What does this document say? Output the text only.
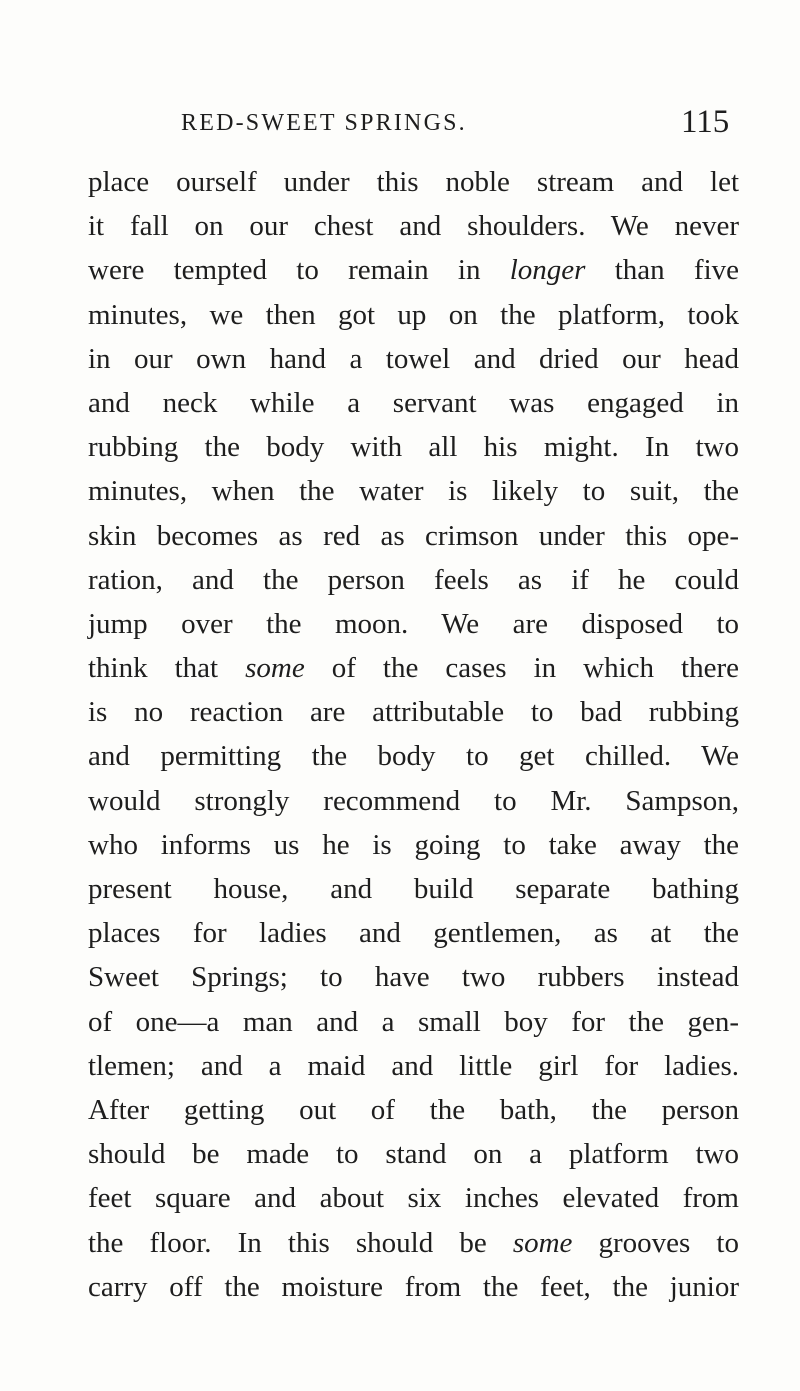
RED-SWEET SPRINGS.	115
place ourself under this noble stream and let
it fall on our chest and shoulders. We never
were tempted to remain in longer than five
minutes, we then got up on the platform, took
in our own hand a towel and dried our head
and neck while a servant was engaged in
rubbing the body with all his might. In two
minutes, when the water is likely to suit, the
skin becomes as red as crimson under this ope-
ration, and the person feels as if he could
jump over the moon. We are disposed to
think that some of the cases in which there
is no reaction are attributable to bad rubbing
and permitting the body to get chilled. We
would strongly recommend to Mr. Sampson,
who informs us he is going to take away the
present house, and build separate bathing
places for ladies and gentlemen, as at the
Sweet Springs; to have two rubbers instead
of one—a man and a small boy for the gen-
tlemen; and a maid and little girl for ladies.
After getting out of the bath, the person
should be made to stand on a platform two
feet square and about six inches elevated from
the floor. In this should be some grooves to
carry off the moisture from the feet, the junior
